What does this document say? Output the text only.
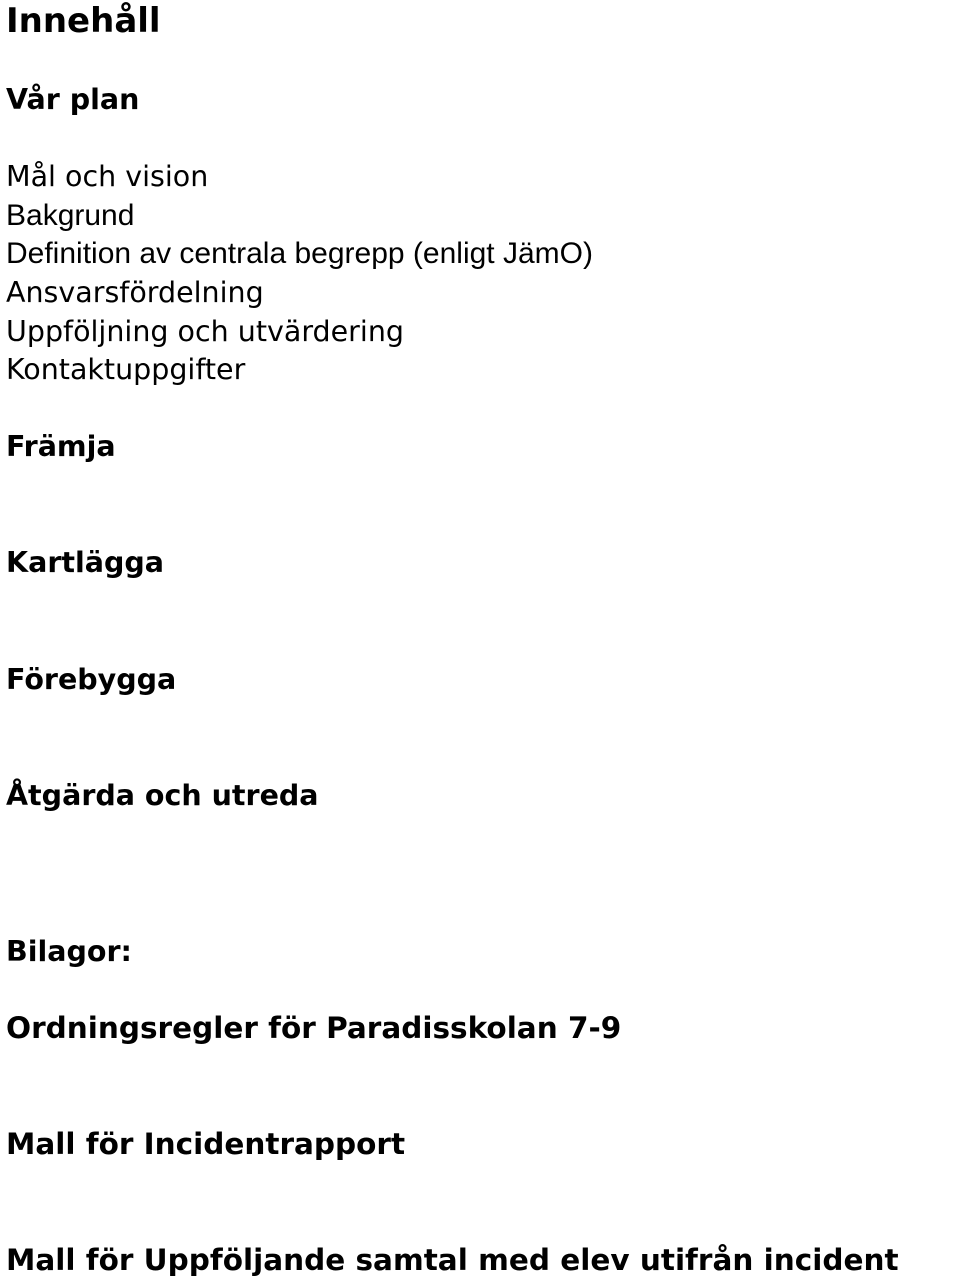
Innehåll
Vår plan
Mål och vision
Bakgrund
Definition av centrala begrepp (enligt JämO)
Ansvarsfördelning
Uppföljning och utvärdering
Kontaktuppgifter
Främja
Kartlägga
Förebygga
Åtgärda och utreda
Bilagor:
Ordningsregler för Paradisskolan 7-9
Mall för Incidentrapport
Mall för Uppföljande samtal med elev utifrån incident
